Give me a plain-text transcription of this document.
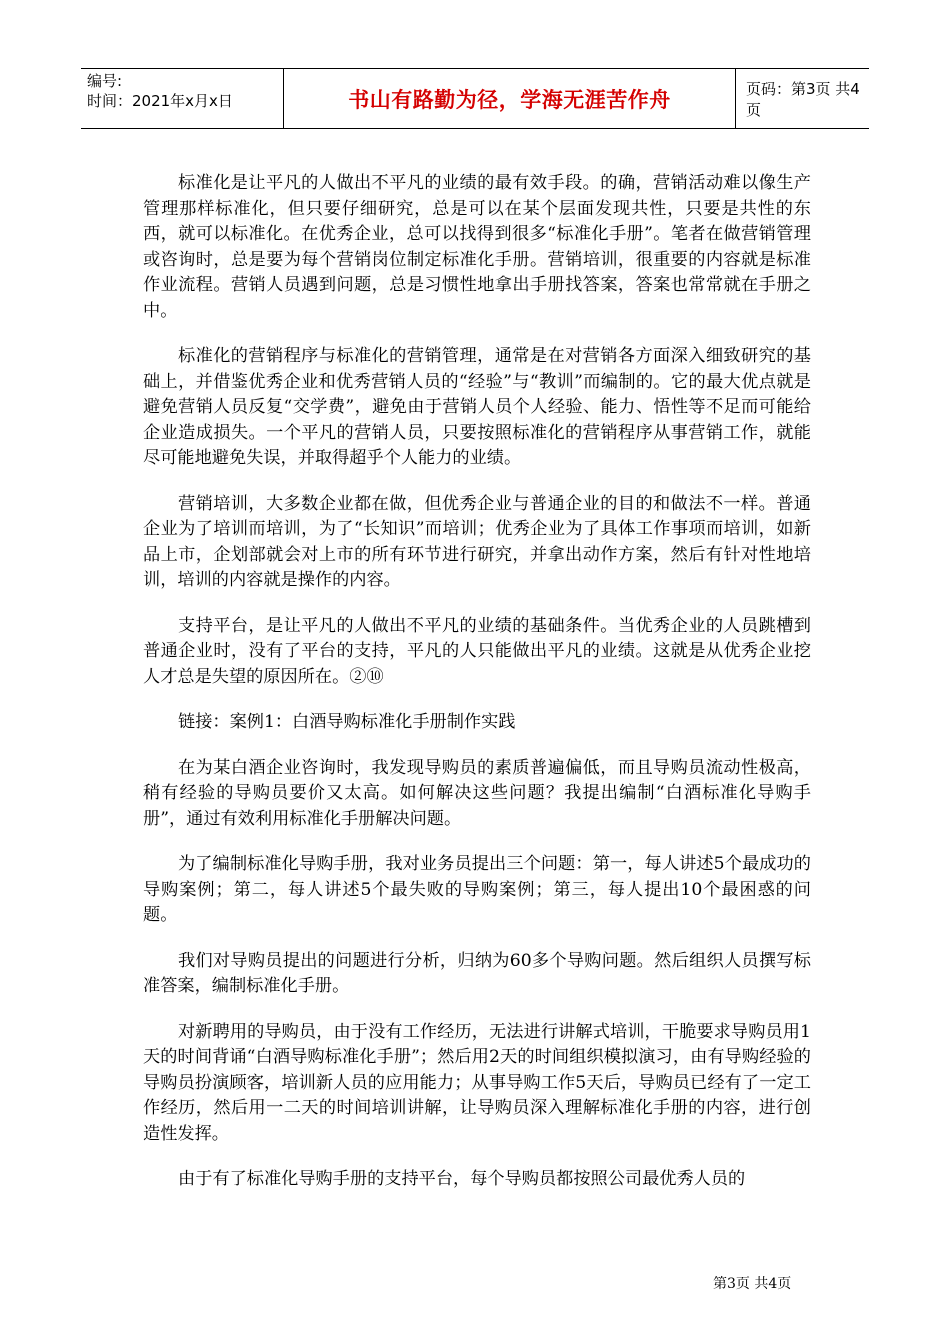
编号:
时间：2021年x月x日	书山有路勤为径，学海无涯苦作舟	页码：第3页 共4页

标准化是让平凡的人做出不平凡的业绩的最有效手段。的确，营销活动难以像生产管理那样标准化，但只要仔细研究，总是可以在某个层面发现共性，只要是共性的东西，就可以标准化。在优秀企业，总可以找得到很多“标准化手册”。笔者在做营销管理或咨询时，总是要为每个营销岗位制定标准化手册。营销培训，很重要的内容就是标准作业流程。营销人员遇到问题，总是习惯性地拿出手册找答案，答案也常常就在手册之中。

标准化的营销程序与标准化的营销管理，通常是在对营销各方面深入细致研究的基础上，并借鉴优秀企业和优秀营销人员的“经验”与“教训”而编制的。它的最大优点就是避免营销人员反复“交学费”，避免由于营销人员个人经验、能力、悟性等不足而可能给企业造成损失。一个平凡的营销人员，只要按照标准化的营销程序从事营销工作，就能尽可能地避免失误，并取得超乎个人能力的业绩。

营销培训，大多数企业都在做，但优秀企业与普通企业的目的和做法不一样。普通企业为了培训而培训，为了“长知识”而培训；优秀企业为了具体工作事项而培训，如新品上市，企划部就会对上市的所有环节进行研究，并拿出动作方案，然后有针对性地培训，培训的内容就是操作的内容。

支持平台，是让平凡的人做出不平凡的业绩的基础条件。当优秀企业的人员跳槽到普通企业时，没有了平台的支持，平凡的人只能做出平凡的业绩。这就是从优秀企业挖人才总是失望的原因所在。②⑩

链接：案例1：白酒导购标准化手册制作实践

在为某白酒企业咨询时，我发现导购员的素质普遍偏低，而且导购员流动性极高，稍有经验的导购员要价又太高。如何解决这些问题？我提出编制“白酒标准化导购手册”，通过有效利用标准化手册解决问题。

为了编制标准化导购手册，我对业务员提出三个问题：第一，每人讲述5个最成功的导购案例；第二，每人讲述5个最失败的导购案例；第三，每人提出10个最困惑的问题。

我们对导购员提出的问题进行分析，归纳为60多个导购问题。然后组织人员撰写标准答案，编制标准化手册。

对新聘用的导购员，由于没有工作经历，无法进行讲解式培训，干脆要求导购员用1天的时间背诵“白酒导购标准化手册”；然后用2天的时间组织模拟演习，由有导购经验的导购员扮演顾客，培训新人员的应用能力；从事导购工作5天后，导购员已经有了一定工作经历，然后用一二天的时间培训讲解，让导购员深入理解标准化手册的内容，进行创造性发挥。

由于有了标准化导购手册的支持平台，每个导购员都按照公司最优秀人员的

第3页 共4页
